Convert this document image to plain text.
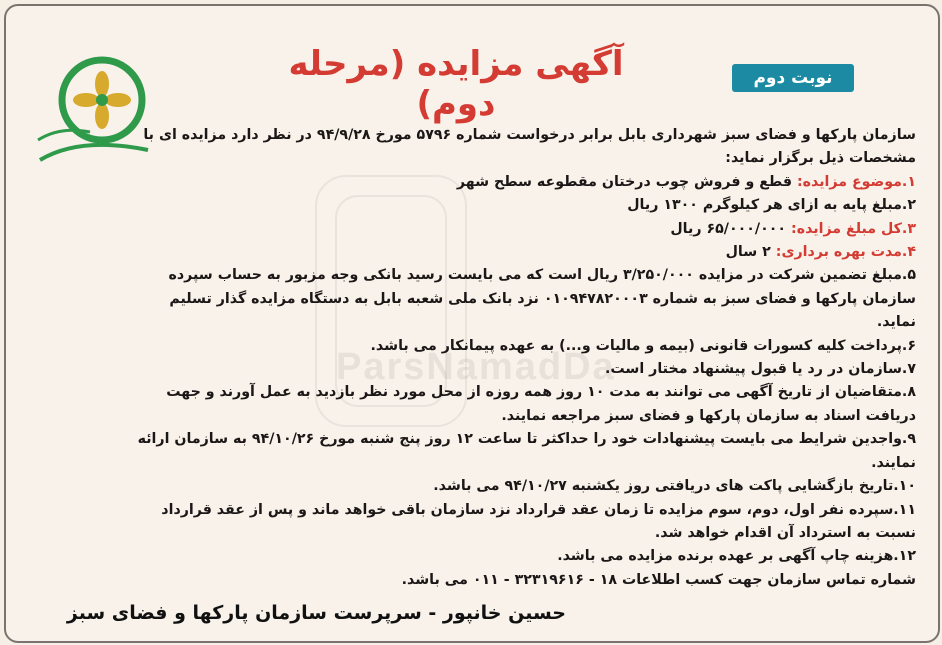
ParsNamadDa
نوبت دوم
آگهی مزایده (مرحله دوم)

سازمان پارکها و فضای سبز شهرداری بابل برابر درخواست شماره ۵۷۹۶ مورخ ۹۴/۹/۲۸ در نظر دارد مزایده ای با مشخصات ذیل برگزار نماید:

۱.موضوع مزایده: قطع و فروش چوب درختان مقطوعه سطح شهر

۲.مبلغ پایه به ازای هر کیلوگرم ۱۳۰۰ ریال

۳.کل مبلغ مزایده: ۶۵/۰۰۰/۰۰۰ ریال

۴.مدت بهره برداری: ۲ سال

۵.مبلغ تضمین شرکت در مزایده ۳/۲۵۰/۰۰۰ ریال است که می بایست رسید بانکی وجه مزبور به حساب سپرده سازمان پارکها و فضای سبز به شماره ۰۱۰۹۴۷۸۲۰۰۰۳ نزد بانک ملی شعبه بابل به دستگاه مزایده گذار تسلیم نماید.

۶.پرداخت کلیه کسورات قانونی (بیمه و مالیات و...) به عهده پیمانکار می باشد.

۷.سازمان در رد یا قبول پیشنهاد مختار است.

۸.متقاضیان از تاریخ آگهی می توانند به مدت ۱۰ روز همه روزه از محل مورد نظر بازدید به عمل آورند و جهت دریافت اسناد به سازمان پارکها و فضای سبز مراجعه نمایند.

۹.واجدین شرایط می بایست پیشنهادات خود را حداکثر تا ساعت ۱۲ روز پنج شنبه مورخ ۹۴/۱۰/۲۶ به سازمان ارائه نمایند.

۱۰.تاریخ بازگشایی پاکت های دریافتی روز یکشنبه ۹۴/۱۰/۲۷ می باشد.

۱۱.سپرده نفر اول، دوم، سوم مزایده تا زمان عقد قرارداد نزد سازمان باقی خواهد ماند و پس از عقد قرارداد نسبت به استرداد آن اقدام خواهد شد.

۱۲.هزینه چاپ آگهی بر عهده برنده مزایده می باشد.

شماره تماس سازمان جهت کسب اطلاعات ۱۸ - ۳۲۳۱۹۶۱۶ - ۰۱۱ می باشد.

حسین خانپور - سرپرست سازمان پارکها و فضای سبز
